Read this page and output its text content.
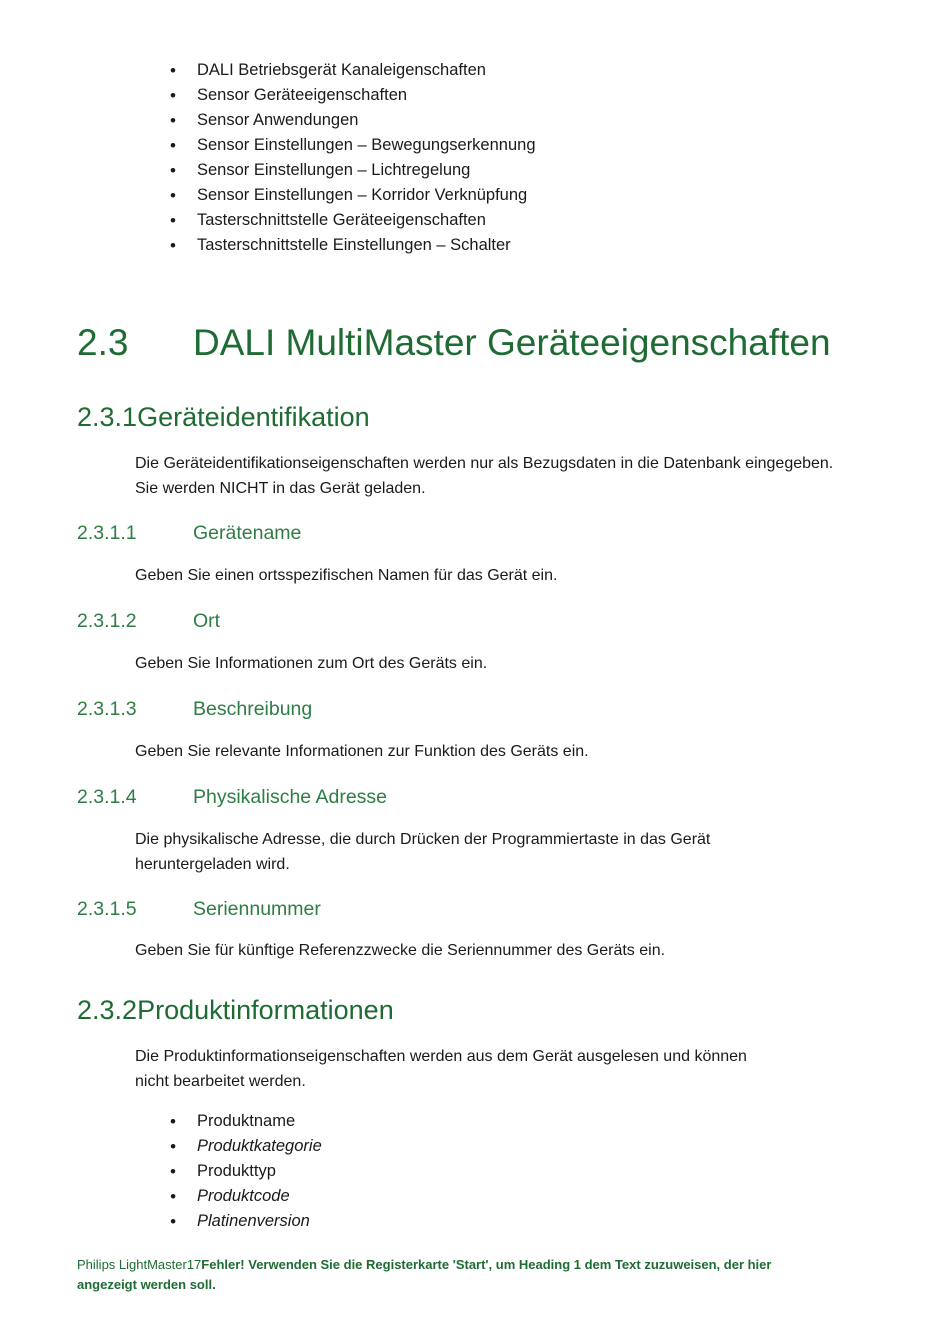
• DALI Betriebsgerät Kanaleigenschaften
• Sensor Geräteeigenschaften
• Sensor Anwendungen
• Sensor Einstellungen – Bewegungserkennung
• Sensor Einstellungen – Lichtregelung
• Sensor Einstellungen – Korridor Verknüpfung
• Tasterschnittstelle Geräteeigenschaften
• Tasterschnittstelle Einstellungen – Schalter
2.3 DALI MultiMaster Geräteeigenschaften
2.3.1Geräteidentifikation
Die Geräteidentifikationseigenschaften werden nur als Bezugsdaten in die Datenbank eingegeben.
Sie werden NICHT in das Gerät geladen.
2.3.1.1	Gerätename
Geben Sie einen ortsspezifischen Namen für das Gerät ein.
2.3.1.2	Ort
Geben Sie Informationen zum Ort des Geräts ein.
2.3.1.3	Beschreibung
Geben Sie relevante Informationen zur Funktion des Geräts ein.
2.3.1.4	Physikalische Adresse
Die physikalische Adresse, die durch Drücken der Programmiertaste in das Gerät
heruntergeladen wird.
2.3.1.5	Seriennummer
Geben Sie für künftige Referenzzwecke die Seriennummer des Geräts ein.
2.3.2Produktinformationen
Die Produktinformationseigenschaften werden aus dem Gerät ausgelesen und können
nicht bearbeitet werden.
• Produktname
• Produktkategorie
• Produkttyp
• Produktcode
• Platinenversion
Philips LightMaster17Fehler! Verwenden Sie die Registerkarte 'Start', um Heading 1 dem Text zuzuweisen, der hier
angezeigt werden soll.
